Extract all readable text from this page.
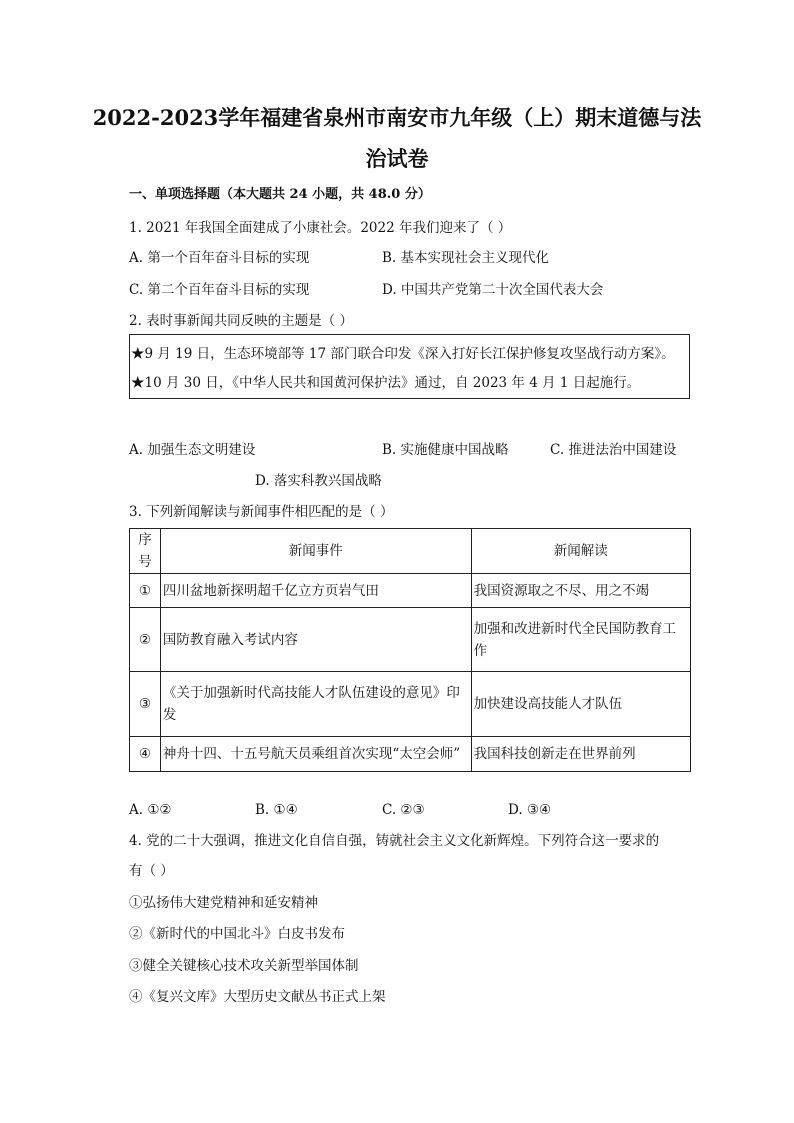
2022-2023学年福建省泉州市南安市九年级（上）期末道德与法
治试卷
一、单项选择题（本大题共 24 小题，共 48.0 分）
1. 2021 年我国全面建成了小康社会。2022 年我们迎来了（ ）
A. 第一个百年奋斗目标的实现	B. 基本实现社会主义现代化
C. 第二个百年奋斗目标的实现	D. 中国共产党第二十次全国代表大会
2. 表时事新闻共同反映的主题是（ ）
★9 月 19 日，生态环境部等 17 部门联合印发《深入打好长江保护修复攻坚战行动方案》。
★10 月 30 日，《中华人民共和国黄河保护法》通过，自 2023 年 4 月 1 日起施行。
A. 加强生态文明建设	B. 实施健康中国战略	C. 推进法治中国建设
D. 落实科教兴国战略
3. 下列新闻解读与新闻事件相匹配的是（ ）
序号	新闻事件	新闻解读
①	四川盆地新探明超千亿立方页岩气田	我国资源取之不尽、用之不竭
②	国防教育融入考试内容	加强和改进新时代全民国防教育工作
③	《关于加强新时代高技能人才队伍建设的意见》印发	加快建设高技能人才队伍
④	神舟十四、十五号航天员乘组首次实现“太空会师”	我国科技创新走在世界前列
A. ①②	B. ①④	C. ②③	D. ③④
4. 党的二十大强调，推进文化自信自强，铸就社会主义文化新辉煌。下列符合这一要求的
有（ ）
①弘扬伟大建党精神和延安精神
②《新时代的中国北斗》白皮书发布
③健全关键核心技术攻关新型举国体制
④《复兴文库》大型历史文献丛书正式上架
